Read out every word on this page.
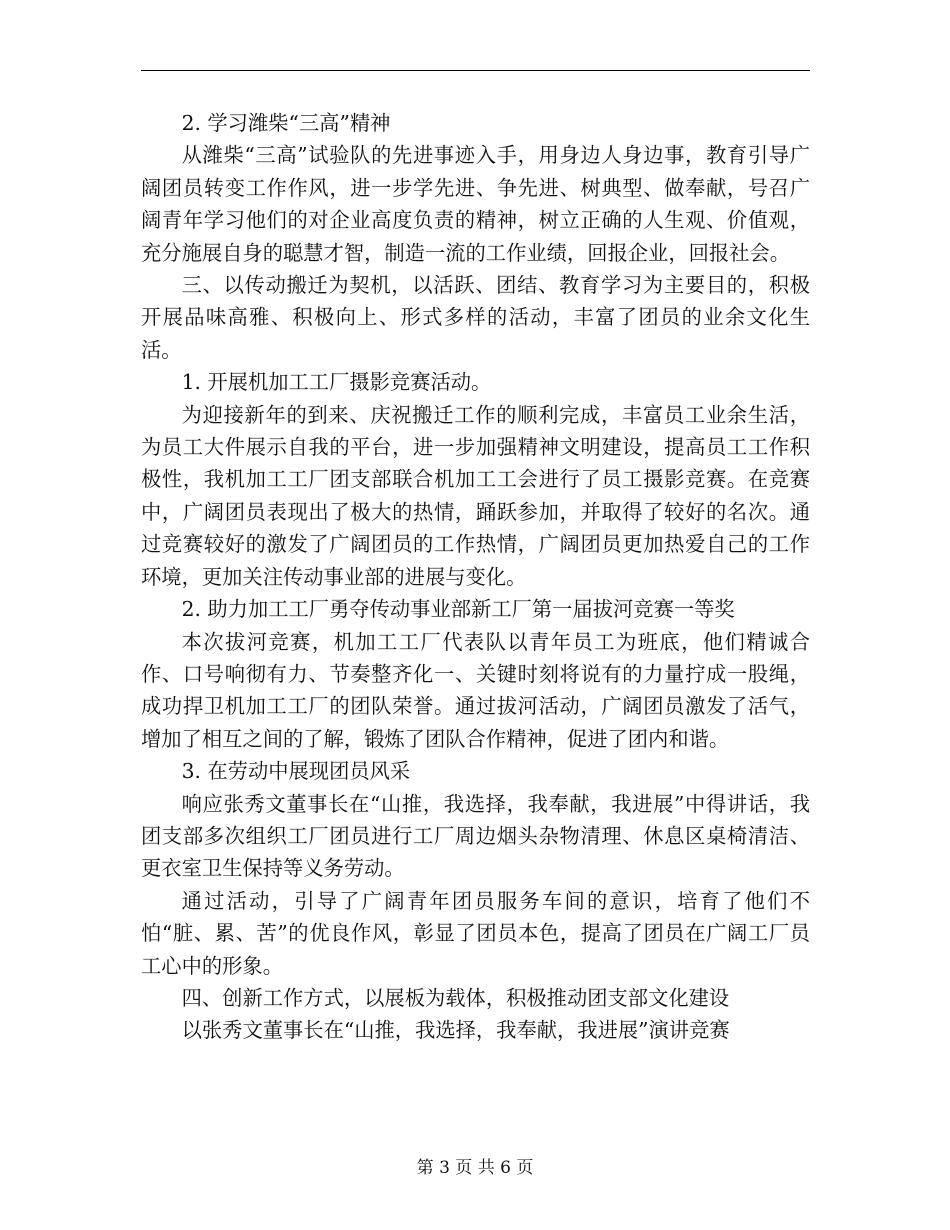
2. 学习潍柴“三高”精神

从潍柴“三高”试验队的先进事迹入手，用身边人身边事，教育引导广阔团员转变工作作风，进一步学先进、争先进、树典型、做奉献，号召广阔青年学习他们的对企业高度负责的精神，树立正确的人生观、价值观，充分施展自身的聪慧才智，制造一流的工作业绩，回报企业，回报社会。

三、以传动搬迁为契机，以活跃、团结、教育学习为主要目的，积极开展品味高雅、积极向上、形式多样的活动，丰富了团员的业余文化生活。

1. 开展机加工工厂摄影竞赛活动。

为迎接新年的到来、庆祝搬迁工作的顺利完成，丰富员工业余生活，为员工大件展示自我的平台，进一步加强精神文明建设，提高员工工作积极性，我机加工工厂团支部联合机加工工会进行了员工摄影竞赛。在竞赛中，广阔团员表现出了极大的热情，踊跃参加，并取得了较好的名次。通过竞赛较好的激发了广阔团员的工作热情，广阔团员更加热爱自己的工作环境，更加关注传动事业部的进展与变化。

2. 助力加工工厂勇夺传动事业部新工厂第一届拔河竞赛一等奖

本次拔河竞赛，机加工工厂代表队以青年员工为班底，他们精诚合作、口号响彻有力、节奏整齐化一、关键时刻将说有的力量拧成一股绳，成功捍卫机加工工厂的团队荣誉。通过拔河活动，广阔团员激发了活气，增加了相互之间的了解，锻炼了团队合作精神，促进了团内和谐。

3. 在劳动中展现团员风采

响应张秀文董事长在“山推，我选择，我奉献，我进展”中得讲话，我团支部多次组织工厂团员进行工厂周边烟头杂物清理、休息区桌椅清洁、更衣室卫生保持等义务劳动。

通过活动，引导了广阔青年团员服务车间的意识，培育了他们不怕“脏、累、苦”的优良作风，彰显了团员本色，提高了团员在广阔工厂员工心中的形象。

四、创新工作方式，以展板为载体，积极推动团支部文化建设

以张秀文董事长在“山推，我选择，我奉献，我进展”演讲竞赛

第 3 页 共 6 页
